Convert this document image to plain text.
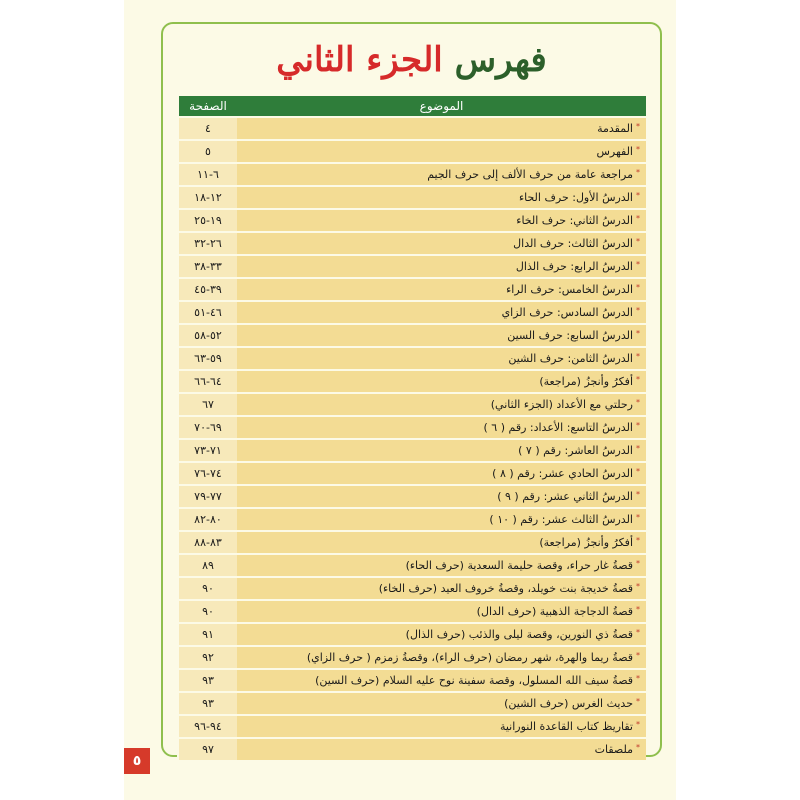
فهرس الجزء الثاني
الموضوع	الصفحة
*المقدمة	٤
*الفهرس	٥
*مراجعة عامة من حرف الألف إلى حرف الجيم	٦-١١
*الدرسُ الأول: حرف الحاء	١٢-١٨
*الدرسُ الثاني: حرف الخاء	١٩-٢٥
*الدرسُ الثالث: حرف الدال	٢٦-٣٢
*الدرسُ الرابع: حرف الذال	٣٣-٣٨
*الدرسُ الخامس: حرف الراء	٣٩-٤٥
*الدرسُ السادس: حرف الزاي	٤٦-٥١
*الدرسُ السابع: حرف السين	٥٢-٥٨
*الدرسُ الثامن: حرف الشين	٥٩-٦٣
*أفكرُ وأنجزُ (مراجعة)	٦٤-٦٦
*رحلتي مع الأعداد (الجزء الثاني)	٦٧
*الدرسُ التاسع: الأعداد: رقم ( ٦ )	٦٩-٧٠
*الدرسُ العاشر: رقم ( ٧ )	٧١-٧٣
*الدرسُ الحادي عشر: رقم ( ٨ )	٧٤-٧٦
*الدرسُ الثاني عشر: رقم ( ٩ )	٧٧-٧٩
*الدرسُ الثالث عشر: رقم ( ١٠ )	٨٠-٨٢
*أفكرُ وأنجزُ (مراجعة)	٨٣-٨٨
*قصةُ غار حراء، وقصة حليمة السعدية (حرف الحاء)	٨٩
*قصةُ خديجة بنت خويلد، وقصةُ خروف العيد (حرف الخاء)	٩٠
*قصةُ الدجاجة الذهبية (حرف الدال)	٩٠
*قصةُ ذي النورين، وقصة ليلى والذئب (حرف الذال)	٩١
*قصةُ ريما والهرة، شهر رمضان (حرف الراء)، وقصةُ زمزم ( حرف الزاي)	٩٢
*قصةُ سيف الله المسلول، وقصة سفينة نوح عليه السلام (حرف السين)	٩٣
*حديث الغرس (حرف الشين)	٩٣
*تقاريظ كتاب القاعدة النورانية	٩٤-٩٦
*ملصقات	٩٧
٥
